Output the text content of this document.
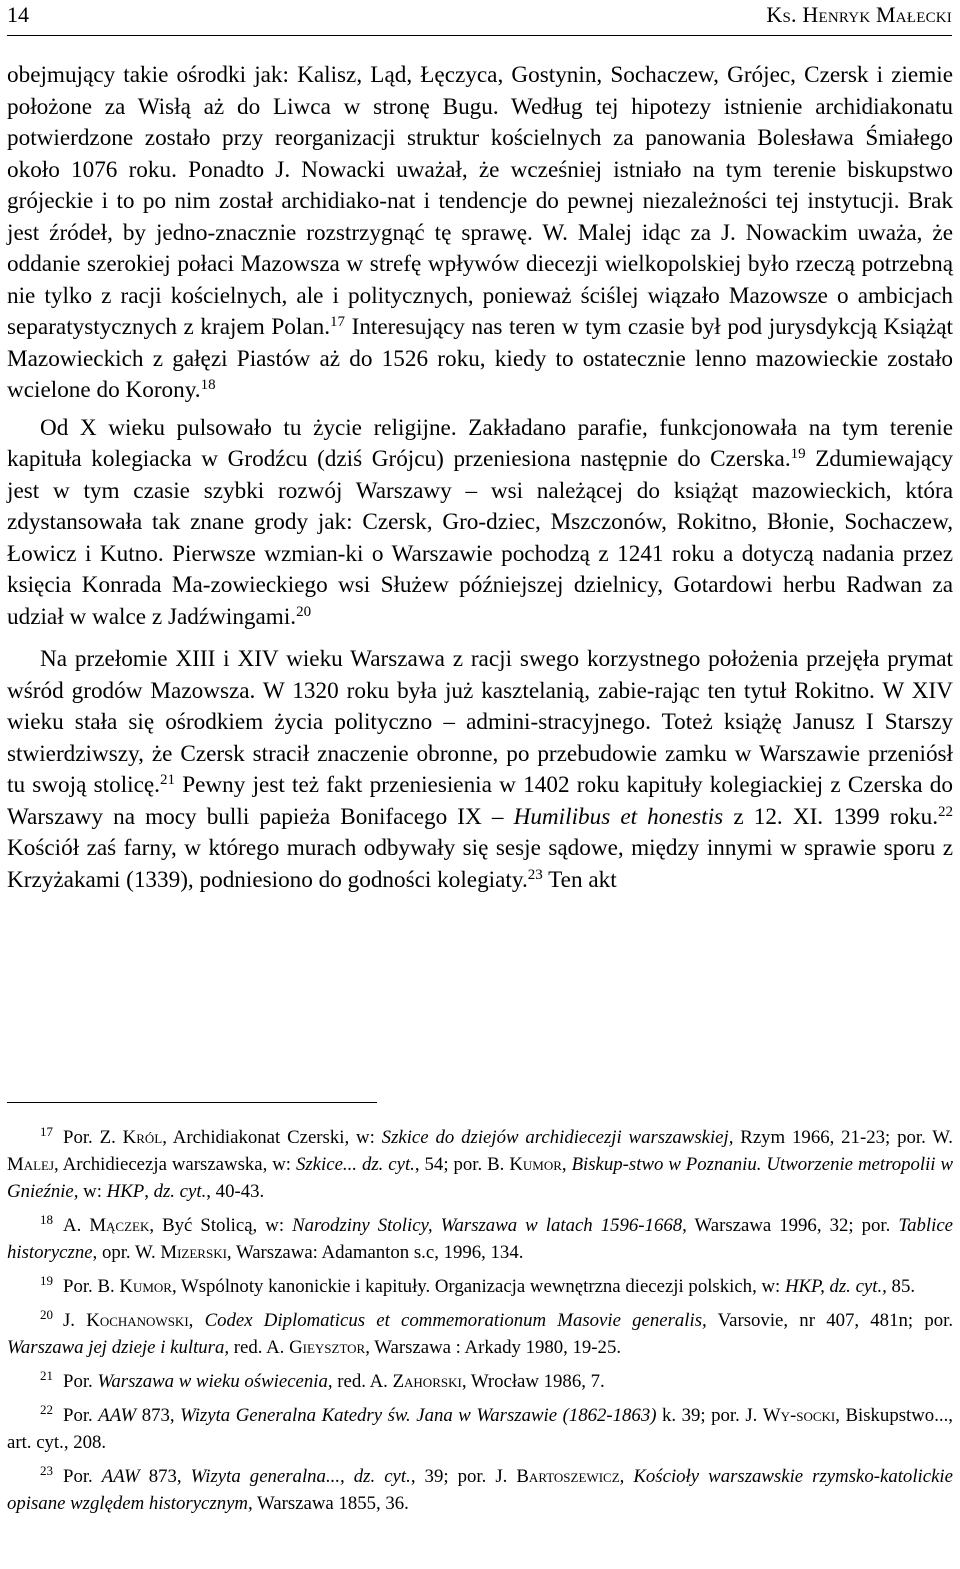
14	Ks. Henryk Małecki

obejmujący takie ośrodki jak: Kalisz, Ląd, Łęczyca, Gostynin, Sochaczew, Grójec, Czersk i ziemie położone za Wisłą aż do Liwca w stronę Bugu. Według tej hipotezy istnienie archidiakonatu potwierdzone zostało przy reorganizacji struktur kościelnych za panowania Bolesława Śmiałego około 1076 roku. Ponadto J. Nowacki uważał, że wcześniej istniało na tym terenie biskupstwo grójeckie i to po nim został archidiako-nat i tendencje do pewnej niezależności tej instytucji. Brak jest źródeł, by jedno-znacznie rozstrzygnąć tę sprawę. W. Malej idąc za J. Nowackim uważa, że oddanie szerokiej połaci Mazowsza w strefę wpływów diecezji wielkopolskiej było rzeczą potrzebną nie tylko z racji kościelnych, ale i politycznych, ponieważ ściślej wiązało Mazowsze o ambicjach separatystycznych z krajem Polan.$^{17}$ Interesujący nas teren w tym czasie był pod jurysdykcją Książąt Mazowieckich z gałęzi Piastów aż do 1526 roku, kiedy to ostatecznie lenno mazowieckie zostało wcielone do Korony.$^{18}$

Od X wieku pulsowało tu życie religijne. Zakładano parafie, funkcjonowała na tym terenie kapituła kolegiacka w Grodźcu (dziś Grójcu) przeniesiona następnie do Czerska.$^{19}$ Zdumiewający jest w tym czasie szybki rozwój Warszawy – wsi należącej do książąt mazowieckich, która zdystansowała tak znane grody jak: Czersk, Gro-dziec, Mszczonów, Rokitno, Błonie, Sochaczew, Łowicz i Kutno. Pierwsze wzmian-ki o Warszawie pochodzą z 1241 roku a dotyczą nadania przez księcia Konrada Ma-zowieckiego wsi Służew późniejszej dzielnicy, Gotardowi herbu Radwan za udział w walce z Jadźwingami.$^{20}$

Na przełomie XIII i XIV wieku Warszawa z racji swego korzystnego położenia przejęła prymat wśród grodów Mazowsza. W 1320 roku była już kasztelanią, zabie-rając ten tytuł Rokitno. W XIV wieku stała się ośrodkiem życia polityczno – admini-stracyjnego. Toteż książę Janusz I Starszy stwierdziwszy, że Czersk stracił znaczenie obronne, po przebudowie zamku w Warszawie przeniósł tu swoją stolicę.$^{21}$ Pewny jest też fakt przeniesienia w 1402 roku kapituły kolegiackiej z Czerska do Warszawy na mocy bulli papieża Bonifacego IX – Humilibus et honestis z 12. XI. 1399 roku.$^{22}$ Kościół zaś farny, w którego murach odbywały się sesje sądowe, między innymi w sprawie sporu z Krzyżakami (1339), podniesiono do godności kolegiaty.$^{23}$ Ten akt

$^{17}$ Por. Z. Król, Archidiakonat Czerski, w: Szkice do dziejów archidiecezji warszawskiej, Rzym 1966, 21-23; por. W. Malej, Archidiecezja warszawska, w: Szkice... dz. cyt., 54; por. B. Kumor, Biskup-stwo w Poznaniu. Utworzenie metropolii w Gnieźnie, w: HKP, dz. cyt., 40-43.

$^{18}$ A. Mączek, Być Stolicą, w: Narodziny Stolicy, Warszawa w latach 1596-1668, Warszawa 1996, 32; por. Tablice historyczne, opr. W. Mizerski, Warszawa: Adamanton s.c, 1996, 134.

$^{19}$ Por. B. Kumor, Wspólnoty kanonickie i kapituły. Organizacja wewnętrzna diecezji polskich, w: HKP, dz. cyt., 85.

$^{20}$ J. Kochanowski, Codex Diplomaticus et commemorationum Masovie generalis, Varsovie, nr 407, 481n; por. Warszawa jej dzieje i kultura, red. A. Gieysztor, Warszawa : Arkady 1980, 19-25.

$^{21}$ Por. Warszawa w wieku oświecenia, red. A. Zahorski, Wrocław 1986, 7.

$^{22}$ Por. AAW 873, Wizyta Generalna Katedry św. Jana w Warszawie (1862-1863) k. 39; por. J. Wy-socki, Biskupstwo..., art. cyt., 208.

$^{23}$ Por. AAW 873, Wizyta generalna..., dz. cyt., 39; por. J. Bartoszewicz, Kościoły warszawskie rzymsko-katolickie opisane względem historycznym, Warszawa 1855, 36.
